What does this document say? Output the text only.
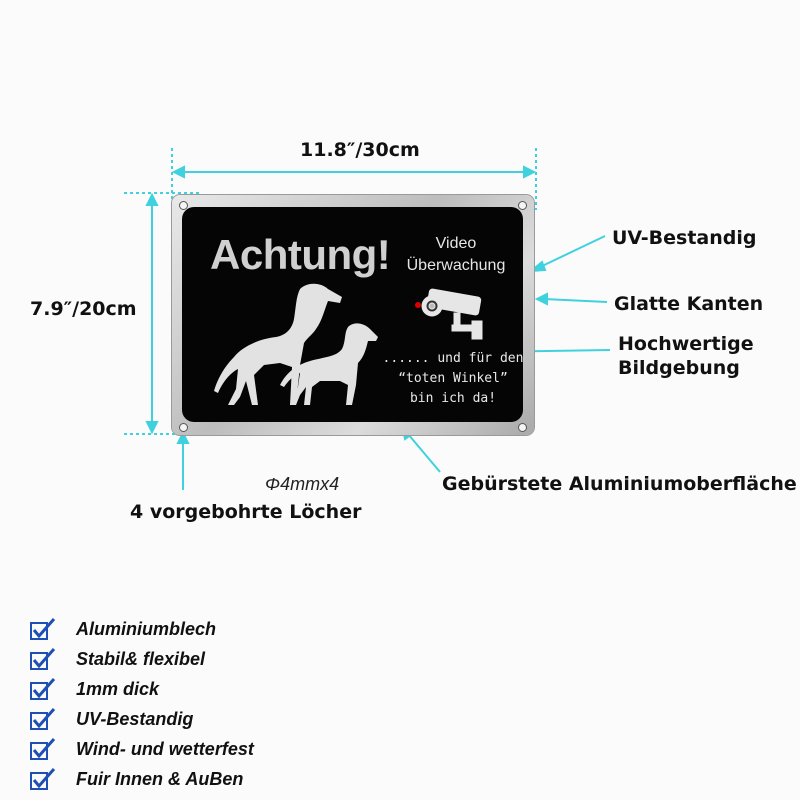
11.8″/30cm
7.9″/20cm
Achtung!	Video
Überwachung
...... und für den
“toten Winkel”
bin ich da!
UV-Bestandig
Glatte Kanten
Hochwertige
Bildgebung
Gebürstete Aluminiumoberfläche
Φ4mmx4
4 vorgebohrte Löcher
Aluminiumblech
Stabil& flexibel
1mm dick
UV-Bestandig
Wind- und wetterfest
Fuir Innen & AuBen
